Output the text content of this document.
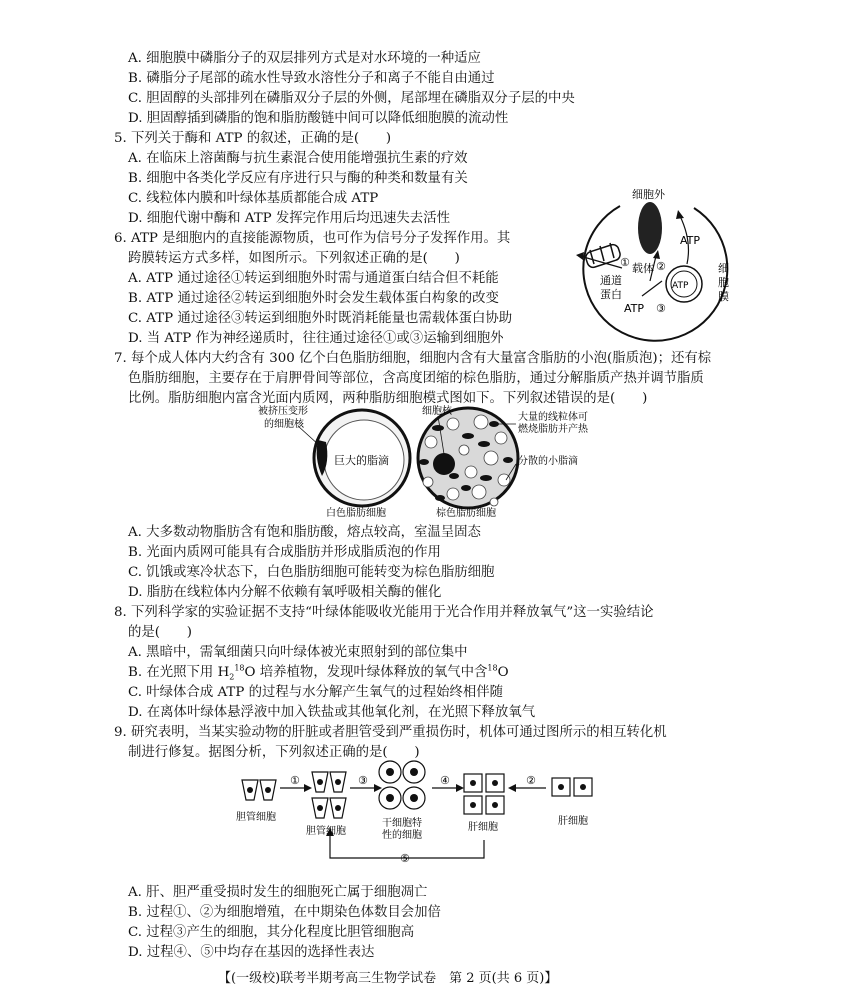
A. 细胞膜中磷脂分子的双层排列方式是对水环境的一种适应
B. 磷脂分子尾部的疏水性导致水溶性分子和离子不能自由通过
C. 胆固醇的头部排列在磷脂双分子层的外侧，尾部埋在磷脂双分子层的中央
D. 胆固醇插到磷脂的饱和脂肪酸链中间可以降低细胞膜的流动性
5. 下列关于酶和 ATP 的叙述，正确的是(　　)
A. 在临床上溶菌酶与抗生素混合使用能增强抗生素的疗效
B. 细胞中各类化学反应有序进行只与酶的种类和数量有关
C. 线粒体内膜和叶绿体基质都能合成 ATP
D. 细胞代谢中酶和 ATP 发挥完作用后均迅速失去活性
6. ATP 是细胞内的直接能源物质，也可作为信号分子发挥作用。其
跨膜转运方式多样，如图所示。下列叙述正确的是(　　)
A. ATP 通过途径①转运到细胞外时需与通道蛋白结合但不耗能
B. ATP 通过途径②转运到细胞外时会发生载体蛋白构象的改变
C. ATP 通过途径③转运到细胞外时既消耗能量也需载体蛋白协助
D. 当 ATP 作为神经递质时，往往通过途径①或③运输到细胞外
细胞外
载体
通道
蛋白
① ②
③
ATP
ATP
ATP
细
胞
膜
7. 每个成人体内大约含有 300 亿个白色脂肪细胞，细胞内含有大量富含脂肪的小泡(脂质泡)；还有棕
色脂肪细胞，主要存在于肩胛骨间等部位，含高度团缩的棕色脂肪，通过分解脂质产热并调节脂质
比例。脂肪细胞内富含光面内质网，两种脂肪细胞模式图如下。下列叙述错误的是(　　)
被挤压变形
的细胞核
巨大的脂滴
细胞核
大量的线粒体可
燃烧脂肪并产热
分散的小脂滴
白色脂肪细胞	棕色脂肪细胞
A. 大多数动物脂肪含有饱和脂肪酸，熔点较高，室温呈固态
B. 光面内质网可能具有合成脂肪并形成脂质泡的作用
C. 饥饿或寒冷状态下，白色脂肪细胞可能转变为棕色脂肪细胞
D. 脂肪在线粒体内分解不依赖有氧呼吸相关酶的催化
8. 下列科学家的实验证据不支持“叶绿体能吸收光能用于光合作用并释放氧气”这一实验结论
的是(　　)
A. 黑暗中，需氧细菌只向叶绿体被光束照射到的部位集中
B. 在光照下用 $H_2^{18}O$ 培养植物，发现叶绿体释放的氧气中含$^{18}$O
C. 叶绿体合成 ATP 的过程与水分解产生氧气的过程始终相伴随
D. 在离体叶绿体悬浮液中加入铁盐或其他氧化剂，在光照下释放氧气
9. 研究表明，当某实验动物的肝脏或者胆管受到严重损伤时，机体可通过图所示的相互转化机
制进行修复。据图分析，下列叙述正确的是(　　)
①	③	④	②
⑤
胆管细胞
胆管细胞
干细胞特
性的细胞
肝细胞
肝细胞
A. 肝、胆严重受损时发生的细胞死亡属于细胞凋亡
B. 过程①、②为细胞增殖，在中期染色体数目会加倍
C. 过程③产生的细胞，其分化程度比胆管细胞高
D. 过程④、⑤中均存在基因的选择性表达
【(一级校)联考半期考高三生物学试卷　第 2 页(共 6 页)】
